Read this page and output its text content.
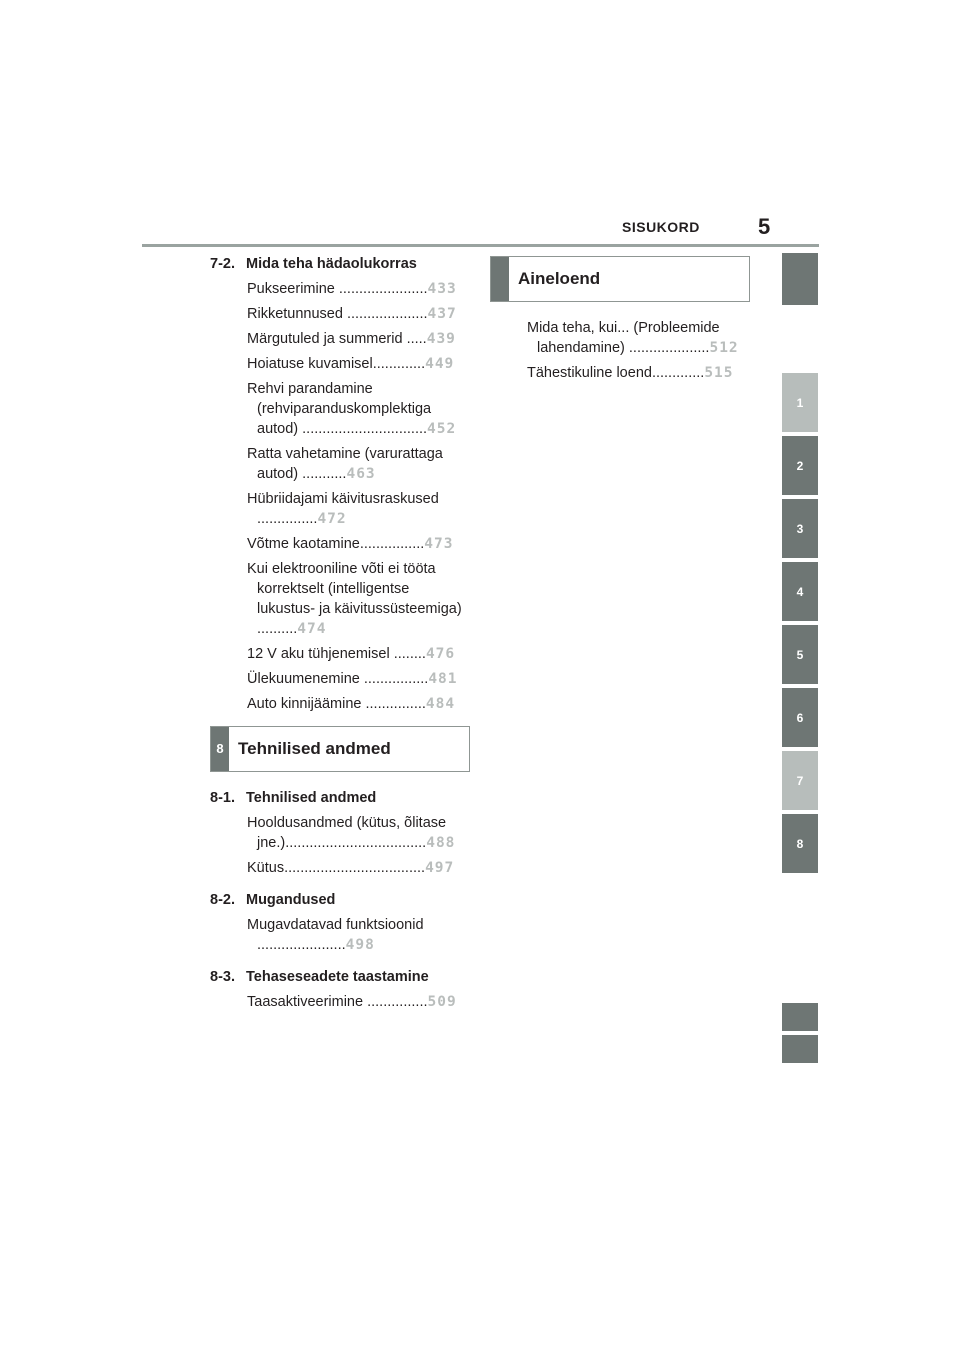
SISUKORD	5
7-2. Mida teha hädaolukorras

Pukseerimine ......................433

Rikketunnused ....................437

Märgutuled ja summerid .....439

Hoiatuse kuvamisel.............449

Rehvi parandamine (rehviparanduskomplektiga autod) ...............................452

Ratta vahetamine (varurattaga autod) ...........463

Hübriidajami käivitusraskused ...............472

Võtme kaotamine................473

Kui elektrooniline võti ei tööta korrektselt (intelligentse lukustus- ja käivitussüsteemiga) ..........474

12 V aku tühjenemisel ........476

Ülekuumenemine ................481

Auto kinnijäämine ...............484

8 Tehnilised andmed
8-1. Tehnilised andmed

Hooldusandmed (kütus, õlitase jne.)...................................488

Kütus...................................497

8-2. Mugandused

Mugavdatavad funktsioonid ......................498

8-3. Tehaseseadete taastamine

Taasaktiveerimine ...............509

Aineloend

Mida teha, kui... (Probleemide lahendamine) ....................512

Tähestikuline loend.............515

1
2
3
4
5
6
7
8
